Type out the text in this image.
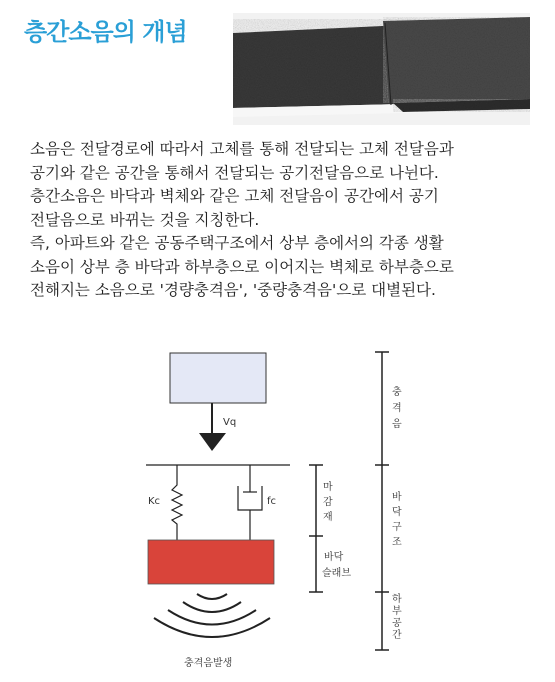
층간소음의 개념
소음은 전달경로에 따라서 고체를 통해 전달되는 고체 전달음과
공기와 같은 공간을 통해서 전달되는 공기전달음으로 나뉜다.
층간소음은 바닥과 벽체와 같은 고체 전달음이 공간에서 공기
전달음으로 바뀌는 것을 지칭한다.
즉, 아파트와 같은 공동주택구조에서 상부 층에서의 각종 생활
소음이 상부 층 바닥과 하부층으로 이어지는 벽체로 하부층으로
전해지는 소음으로 '경량충격음', '중량충격음'으로 대별된다.
Vq
Kc	fc
충격음발생
바닥
슬래브
충 격 음
바 닥 구 조
하 부 공 간
마 감 재
